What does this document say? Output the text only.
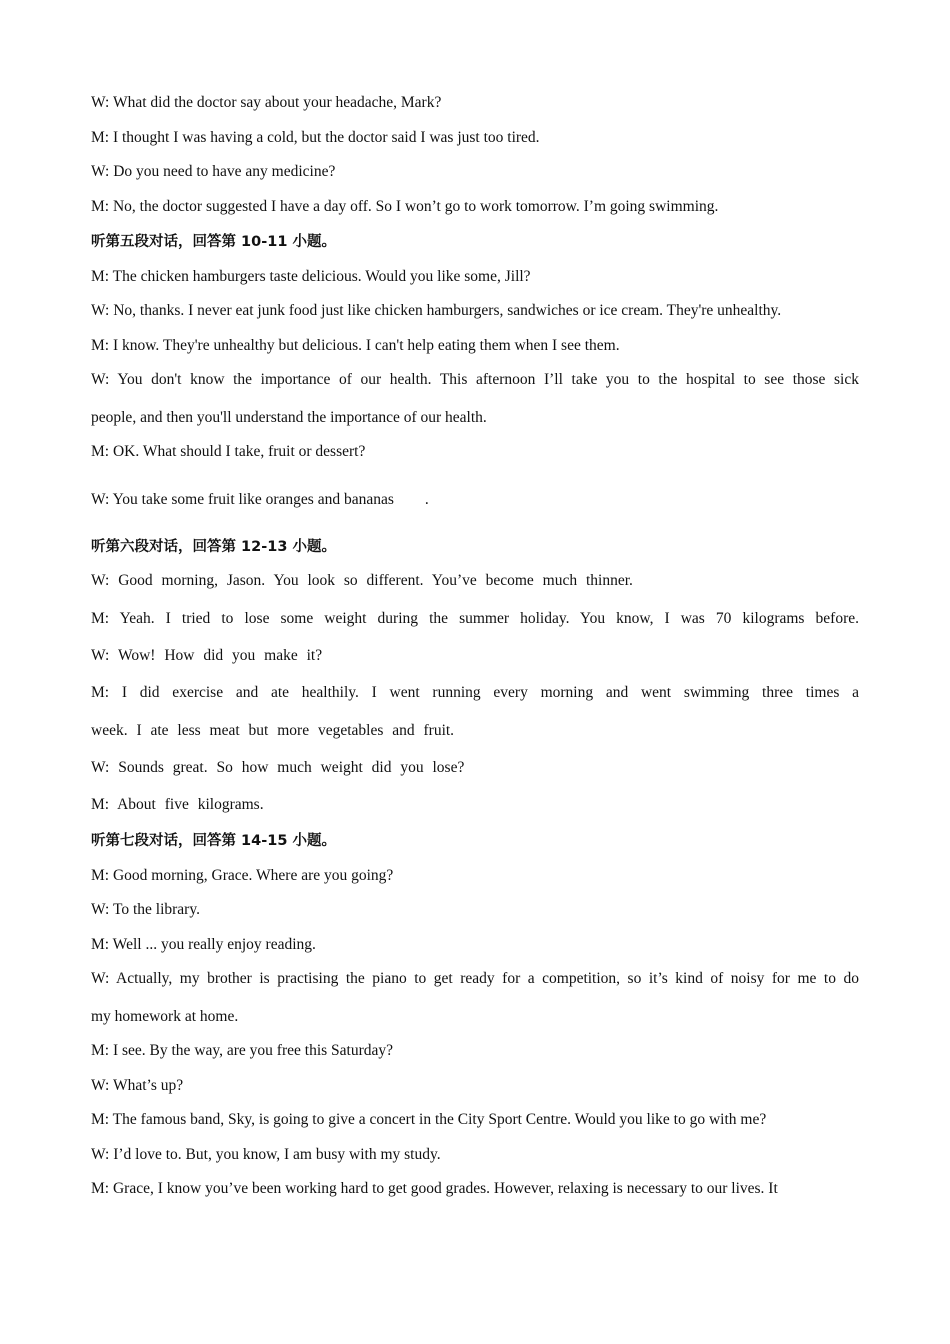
W: What did the doctor say about your headache, Mark?

M: I thought I was having a cold, but the doctor said I was just too tired.

W: Do you need to have any medicine?

M: No, the doctor suggested I have a day off. So I won’t go to work tomorrow. I’m going swimming.

听第五段对话，回答第 10-11 小题。

M: The chicken hamburgers taste delicious. Would you like some, Jill?

W: No, thanks. I never eat junk food just like chicken hamburgers, sandwiches or ice cream. They're unhealthy.

M: I know. They're unhealthy but delicious. I can't help eating them when I see them.

W: You don't know the importance of our health. This afternoon I’ll take you to the hospital to see those sick

people, and then you'll understand the importance of our health.

M: OK. What should I take, fruit or dessert?

W: You take some fruit like oranges and bananas        .

听第六段对话，回答第 12-13 小题。

W: Good morning, Jason. You look so different. You’ve become much thinner.

M: Yeah. I tried to lose some weight during the summer holiday. You know, I was 70 kilograms before.

W: Wow! How did you make it?

M: I did exercise and ate healthily. I went running every morning and went swimming three times a

week. I ate less meat but more vegetables and fruit.

W: Sounds great. So how much weight did you lose?

M: About five kilograms.

听第七段对话，回答第 14-15 小题。

M: Good morning, Grace. Where are you going?

W: To the library.

M: Well ... you really enjoy reading.

W: Actually, my brother is practising the piano to get ready for a competition, so it’s kind of noisy for me to do

my homework at home.

M: I see. By the way, are you free this Saturday?

W: What’s up?

M: The famous band, Sky, is going to give a concert in the City Sport Centre. Would you like to go with me?

W: I’d love to. But, you know, I am busy with my study.

M: Grace, I know you’ve been working hard to get good grades. However, relaxing is necessary to our lives. It
